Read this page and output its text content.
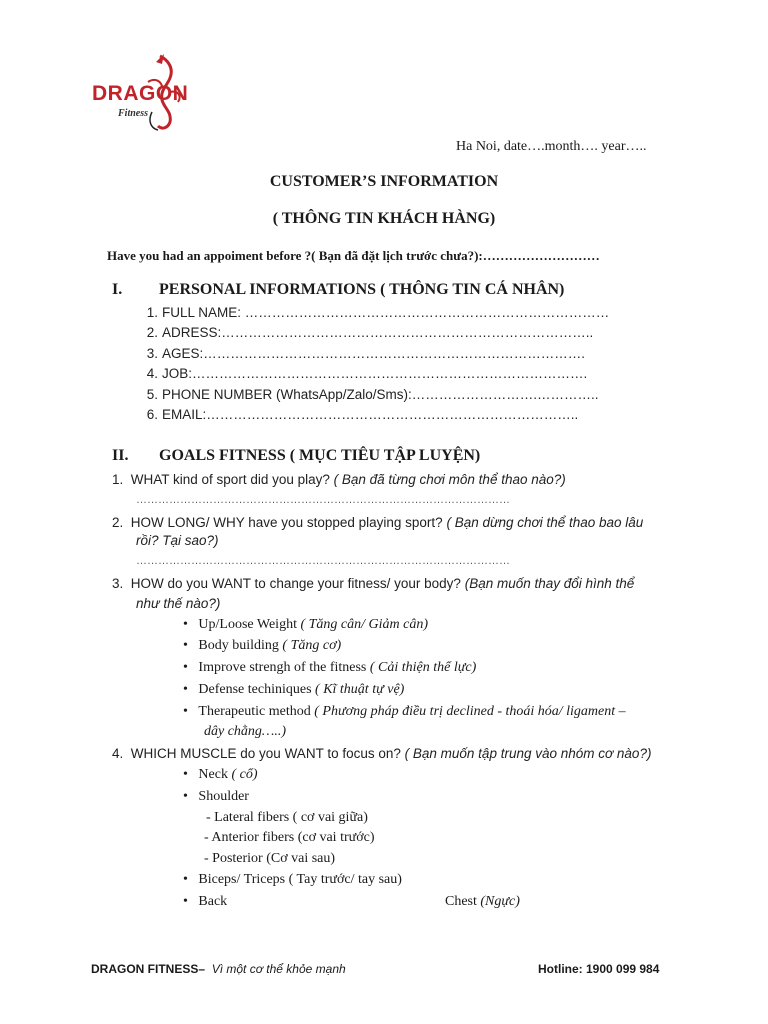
DRAGON
Fitness
Ha Noi, date….month…. year…..
CUSTOMER’S INFORMATION
( THÔNG TIN KHÁCH HÀNG)
Have you had an appoiment before ?( Bạn đã đặt lịch trước chưa?):………………………
I. PERSONAL INFORMATIONS ( THÔNG TIN CÁ NHÂN)
1. FULL NAME: ………………………………………………………………………
2. ADRESS:………………………………………………………………………..
3. AGES:………………………………………………………………………….
4. JOB:…………………………………………………………………………….
5. PHONE NUMBER (WhatsApp/Zalo/Sms):……………………….…………..
6. EMAIL:………………………………………………………………………..
II. GOALS FITNESS ( MỤC TIÊU TẬP LUYỆN)
1. WHAT kind of sport did you play? ( Bạn đã từng chơi môn thể thao nào?)
…………………………………………………………………………………………
2. HOW LONG/ WHY have you stopped playing sport? ( Bạn dừng chơi thể thao bao lâu
rồi? Tại sao?)
…………………………………………………………………………………………
3. HOW do you WANT to change your fitness/ your body? (Bạn muốn thay đổi hình thể
như thế nào?)
• Up/Loose Weight ( Tăng cân/ Giảm cân)
• Body building ( Tăng cơ)
• Improve strengh of the fitness ( Cải thiện thể lực)
• Defense techiniques ( Kĩ thuật tự vệ)
• Therapeutic method ( Phương pháp điều trị declined - thoái hóa/ ligament –
dây chằng…..)
4. WHICH MUSCLE do you WANT to focus on? ( Bạn muốn tập trung vào nhóm cơ nào?)
• Neck ( cổ)
• Shoulder
- Lateral fibers ( cơ vai giữa)
- Anterior fibers (cơ vai trước)
- Posterior (Cơ vai sau)
• Biceps/ Triceps ( Tay trước/ tay sau)
• Back	Chest (Ngực)
DRAGON FITNESS– Vì một cơ thể khỏe mạnh	Hotline: 1900 099 984
